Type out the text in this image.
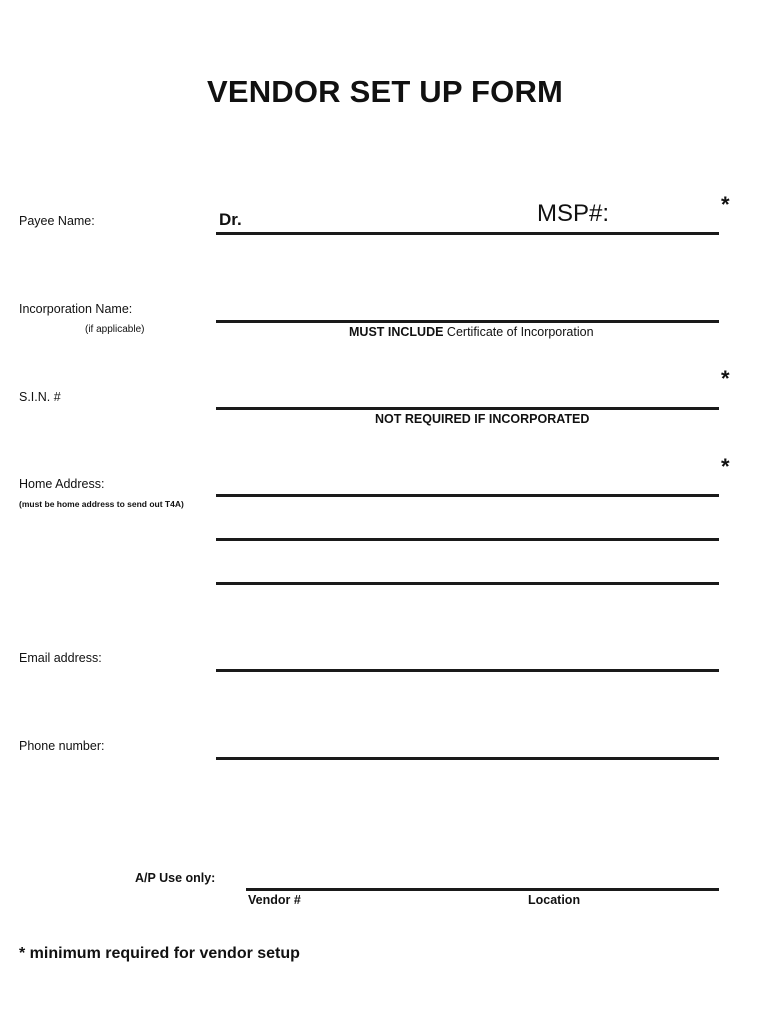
VENDOR SET UP FORM
*
Payee Name:	Dr.	MSP#:
Incorporation Name:
(if applicable)	MUST INCLUDE Certificate of Incorporation
*
S.I.N. #
NOT REQUIRED IF INCORPORATED
*
Home Address:
(must be home address to send out T4A)
Email address:
Phone number:
A/P Use only:
Vendor #	Location
* minimum required for vendor setup
